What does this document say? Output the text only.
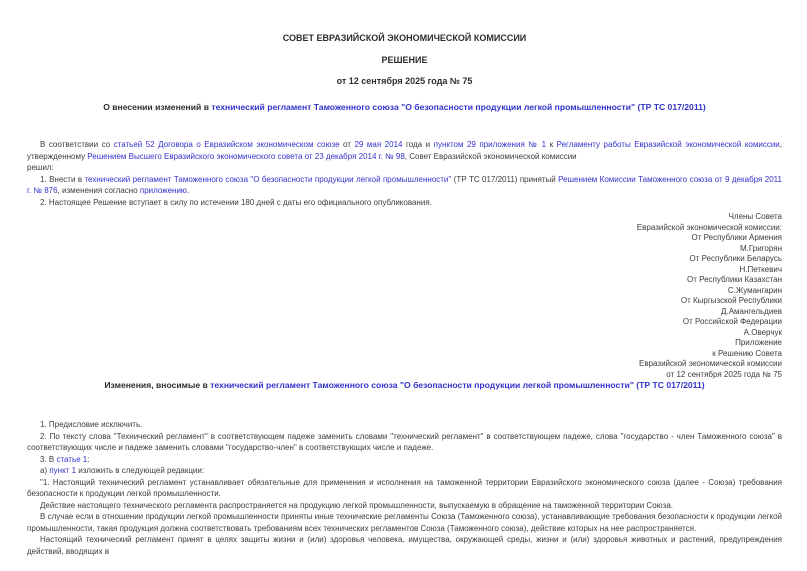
СОВЕТ ЕВРАЗИЙСКОЙ ЭКОНОМИЧЕСКОЙ КОМИССИИ
РЕШЕНИЕ
от 12 сентября 2025 года № 75
О внесении изменений в технический регламент Таможенного союза "О безопасности продукции легкой промышленности" (ТР ТС 017/2011)
В соответствии со статьей 52 Договора о Евразийском экономическом союзе от 29 мая 2014 года и пунктом 29 приложения № 1 к Регламенту работы Евразийской экономической комиссии, утвержденному Решением Высшего Евразийского экономического совета от 23 декабря 2014 г. № 98, Совет Евразийской экономической комиссии
решил:
1. Внести в технический регламент Таможенного союза "О безопасности продукции легкой промышленности" (ТР ТС 017/2011) принятый Решением Комиссии Таможенного союза от 9 декабря 2011 г. № 876, изменения согласно приложению.
2. Настоящее Решение вступает в силу по истечении 180 дней с даты его официального опубликования.

Члены Совета

Евразийской экономической комиссии:

От Республики Армения

М.Григорян

От Республики Беларусь

Н.Петкевич

От Республики Казахстан

С.Жумангарин

От Кыргызской Республики

Д.Амангельдиев

От Российской Федерации

А.Оверчук

Приложение

к Решению Совета

Евразийской экономической комиссии

от 12 сентября 2025 года № 75

Изменения, вносимые в технический регламент Таможенного союза "О безопасности продукции легкой промышленности" (ТР ТС 017/2011)
1. Предисловие исключить.
2. По тексту слова "Технический регламент" в соответствующем падеже заменить словами "технический регламент" в соответствующем падеже, слова "государство - член Таможенного союза" в соответствующих числе и падеже заменить словами "государство-член" в соответствующих числе и падеже.
3. В статье 1:
а) пункт 1 изложить в следующей редакции:
"1. Настоящий технический регламент устанавливает обязательные для применения и исполнения на таможенной территории Евразийского экономического союза (далее - Союза) требования безопасности к продукции легкой промышленности.
Действие настоящего технического регламента распространяется на продукцию легкой промышленности, выпускаемую в обращение на таможенной территории Союза.
В случае если в отношении продукции легкой промышленности приняты иные технические регламенты Союза (Таможенного союза), устанавливающие требования безопасности к продукции легкой промышленности, такая продукция должна соответствовать требованиям всех технических регламентов Союза (Таможенного союза), действие которых на нее распространяется.
Настоящий технический регламент принят в целях защиты жизни и (или) здоровья человека, имущества, окружающей среды, жизни и (или) здоровья животных и растений, предупреждения действий, вводящих в
